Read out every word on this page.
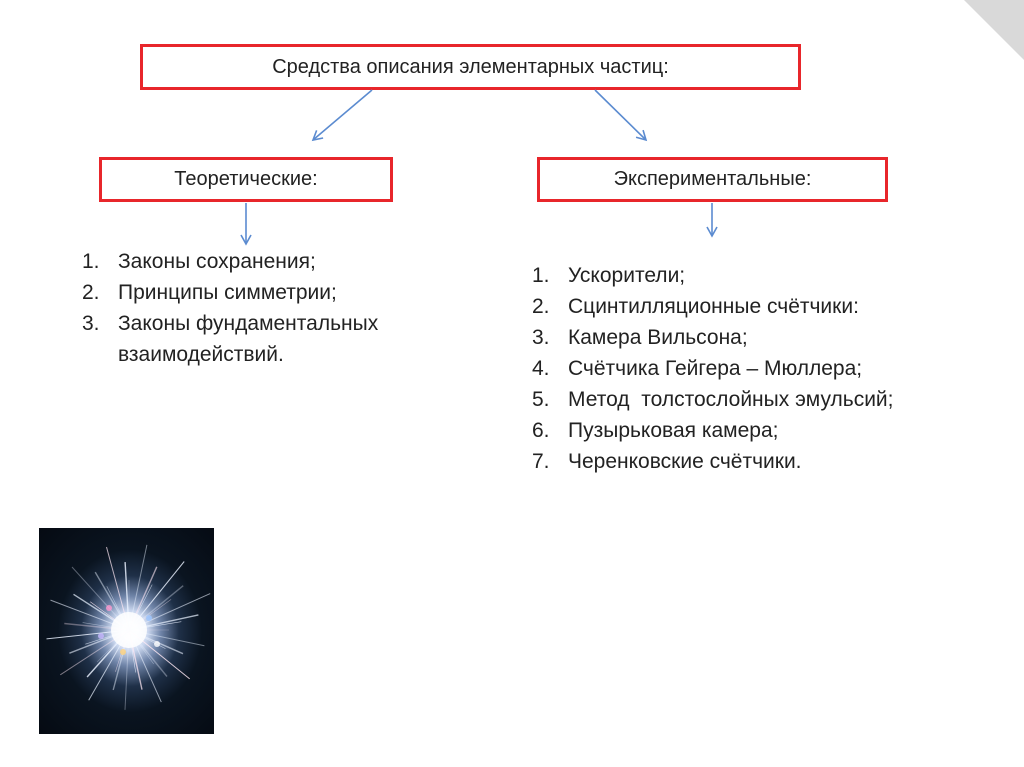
Средства описания элементарных частиц:
Теоретические:	Экспериментальные:
1. Законы сохранения;
2. Принципы симметрии;
3. Законы фундаментальных взаимодействий.
1. Ускорители;
2. Сцинтилляционные счётчики:
3. Камера Вильсона;
4. Счётчика Гейгера – Мюллера;
5. Метод  толстослойных эмульсий;
6. Пузырьковая камера;
7. Черенковские счётчики.
